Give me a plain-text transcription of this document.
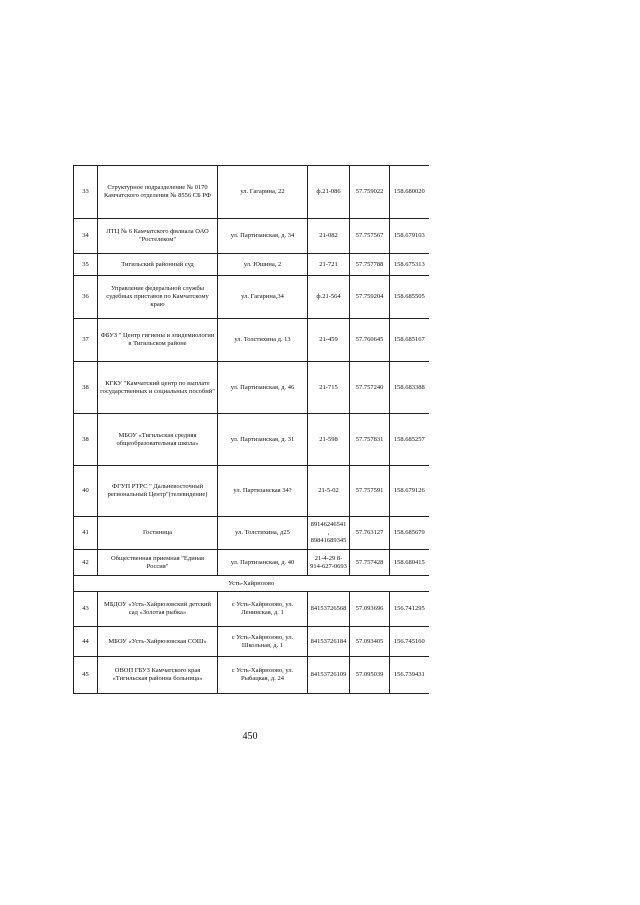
33	Структурное подразделение № 0170 Камчатского отделения № 8556 СБ РФ	ул. Гагарина, 22	ф.21-086	57.759022	158.680020
34	ЛТЦ № 6 Камчатского филиала ОАО "Ростелеком"	ул. Партизанская, д. 34	21-082	57.757567	158.679103
35	Тигильский районный суд	ул. Юшина, 2	21-721	57.757788	158.675313
36	Управление федеральной службы судебных приставов по Камчатскому краю	ул. Гагарина,34	ф.21-564	57.759204	158.685505
37	ФБУЗ " Центр гигиены и эпидемиологии в Тигильском районе	ул. Толстихина д. 13	21-459	57.760645	158.685167
38	КГКУ "Камчатский центр по выплате государственных и социальных пособий"	ул. Партизанская, д. 46	21-715	57.757240	158.683388
38	МБОУ «Тигильская средняя общеобразовательная школа»	ул. Партизанская, д. 31	21-598	57.757831	158.685257
40	ФГУП РТРС " Дальневосточный региональный Центр"(телевидение)	ул. Партизанская 34?	21-5-02	57.757591	158.679126
41	Гостиница	ул. Толстихина, д25	89146246541, 89841689345	57.763127	158.685679
42	Общественная приемная "Единая Россия"	ул. Партизанская, д. 40	21-4-29 8-914-627-0693	57.757428	158.680415
Усть-Хайрюзово					
43	МБДОУ «Усть-Хайрюзовский детский сад «Золотая рыбка»	с Усть-Хайрюзово, ул. Ленинская, д. 1	84153726568	57.093696	156.741295
44	МБОУ «Усть-Хайрюзовская СОШ»	с Усть-Хайрюзово, ул. Школьная, д. 1	84153726184	57.093405	156.745160
45	ОВОП ГБУЗ Камчатского края «Тигильская районна больница»	с Усть-Хайрюзово, ул. Рыбацкая, д. 24	84153726109	57.095039	156.739431
450
